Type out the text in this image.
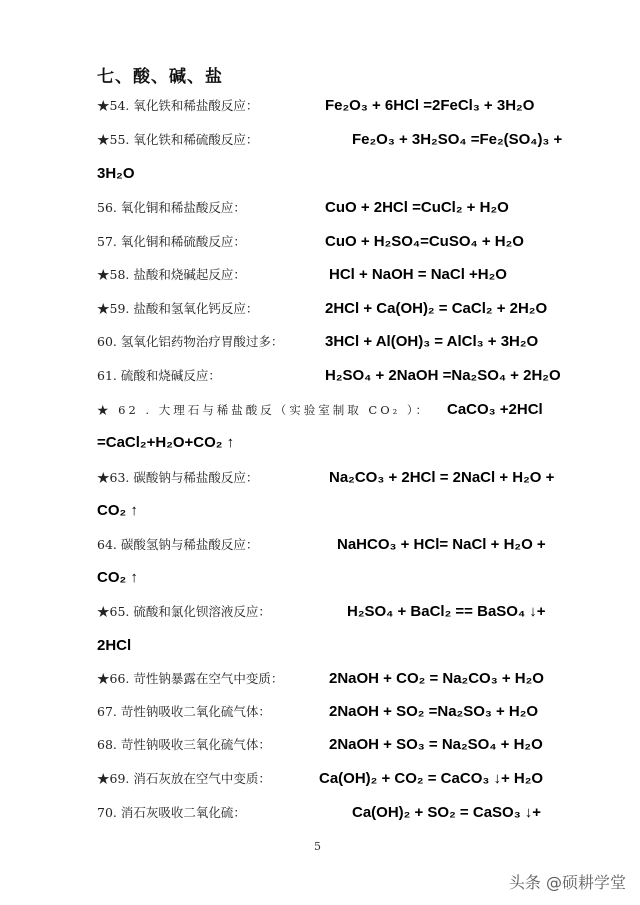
七、酸、碱、盐
★54. 氧化铁和稀盐酸反应：	Fe₂O₃ + 6HCl =2FeCl₃ + 3H₂O
★55. 氧化铁和稀硫酸反应：	Fe₂O₃ + 3H₂SO₄ =Fe₂(SO₄)₃ +
3H₂O
56. 氧化铜和稀盐酸反应：	CuO + 2HCl =CuCl₂ + H₂O
57. 氧化铜和稀硫酸反应：	CuO + H₂SO₄=CuSO₄ + H₂O
★58. 盐酸和烧碱起反应：	HCl + NaOH = NaCl +H₂O
★59. 盐酸和氢氧化钙反应：	2HCl + Ca(OH)₂ = CaCl₂ + 2H₂O
60. 氢氧化铝药物治疗胃酸过多：	3HCl + Al(OH)₃ = AlCl₃ + 3H₂O
61. 硫酸和烧碱反应：	H₂SO₄ + 2NaOH =Na₂SO₄ + 2H₂O
★ 62 . 大理石与稀盐酸反（实验室制取 CO₂ ）： CaCO₃ +2HCl
=CaCl₂+H₂O+CO₂ ↑
★63. 碳酸钠与稀盐酸反应：	Na₂CO₃ + 2HCl = 2NaCl + H₂O +
CO₂ ↑
64. 碳酸氢钠与稀盐酸反应：	NaHCO₃ + HCl= NaCl + H₂O +
CO₂ ↑
★65. 硫酸和氯化钡溶液反应：	H₂SO₄ + BaCl₂ == BaSO₄ ↓+
2HCl
★66. 苛性钠暴露在空气中变质：	2NaOH + CO₂ = Na₂CO₃ + H₂O
67. 苛性钠吸收二氧化硫气体：	2NaOH + SO₂ =Na₂SO₃ + H₂O
68. 苛性钠吸收三氧化硫气体：	2NaOH + SO₃ = Na₂SO₄ + H₂O
★69. 消石灰放在空气中变质：	Ca(OH)₂ + CO₂ = CaCO₃ ↓+ H₂O
70. 消石灰吸收二氧化硫：	Ca(OH)₂ + SO₂ = CaSO₃ ↓+
5
头条 @硕耕学堂
